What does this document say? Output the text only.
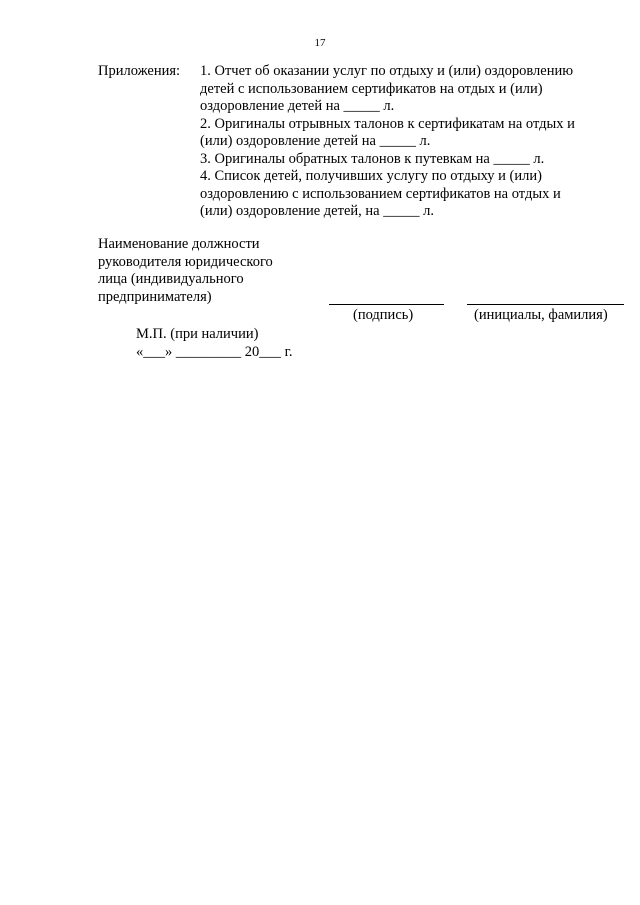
17
Приложения: 1. Отчет об оказании услуг по отдыху и (или) оздоровлению
детей с использованием сертификатов на отдых и (или)
оздоровление детей на _____ л.
2. Оригиналы отрывных талонов к сертификатам на отдых и
(или) оздоровление детей на _____ л.
3. Оригиналы обратных талонов к путевкам на _____ л.
4. Список детей, получивших услугу по отдыху и (или)
оздоровлению с использованием сертификатов на отдых и
(или) оздоровление детей, на _____ л.
Наименование должности
руководителя юридического
лица (индивидуального
предпринимателя)
(подпись)	(инициалы, фамилия)
М.П. (при наличии)
«___» _________ 20___ г.
